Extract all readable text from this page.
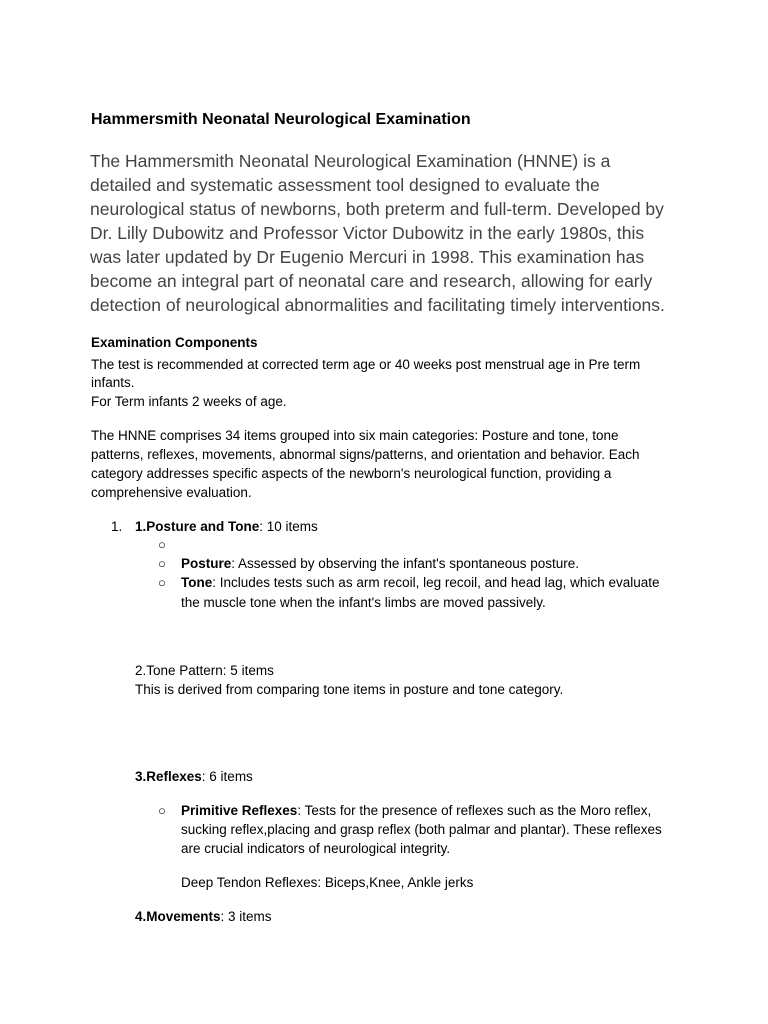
Hammersmith Neonatal Neurological Examination
The Hammersmith Neonatal Neurological Examination (HNNE) is a
detailed and systematic assessment tool designed to evaluate the
neurological status of newborns, both preterm and full-term. Developed by
Dr. Lilly Dubowitz and Professor Victor Dubowitz in the early 1980s, this
was later updated by Dr Eugenio Mercuri in 1998. This examination has
become an integral part of neonatal care and research, allowing for early
detection of neurological abnormalities and facilitating timely interventions.
Examination Components
The test is recommended at corrected term age or 40 weeks post menstrual age in Pre term
infants.
For Term infants 2 weeks of age.
The HNNE comprises 34 items grouped into six main categories: Posture and tone, tone
patterns, reflexes, movements, abnormal signs/patterns, and orientation and behavior. Each
category addresses specific aspects of the newborn's neurological function, providing a
comprehensive evaluation.
1. 1.Posture and Tone: 10 items
○
○ Posture: Assessed by observing the infant's spontaneous posture.
○ Tone: Includes tests such as arm recoil, leg recoil, and head lag, which evaluate
the muscle tone when the infant's limbs are moved passively.
2.Tone Pattern: 5 items
This is derived from comparing tone items in posture and tone category.
3.Reflexes: 6 items
○ Primitive Reflexes: Tests for the presence of reflexes such as the Moro reflex,
sucking reflex,placing and grasp reflex (both palmar and plantar). These reflexes
are crucial indicators of neurological integrity.
Deep Tendon Reflexes: Biceps,Knee, Ankle jerks
4.Movements: 3 items
